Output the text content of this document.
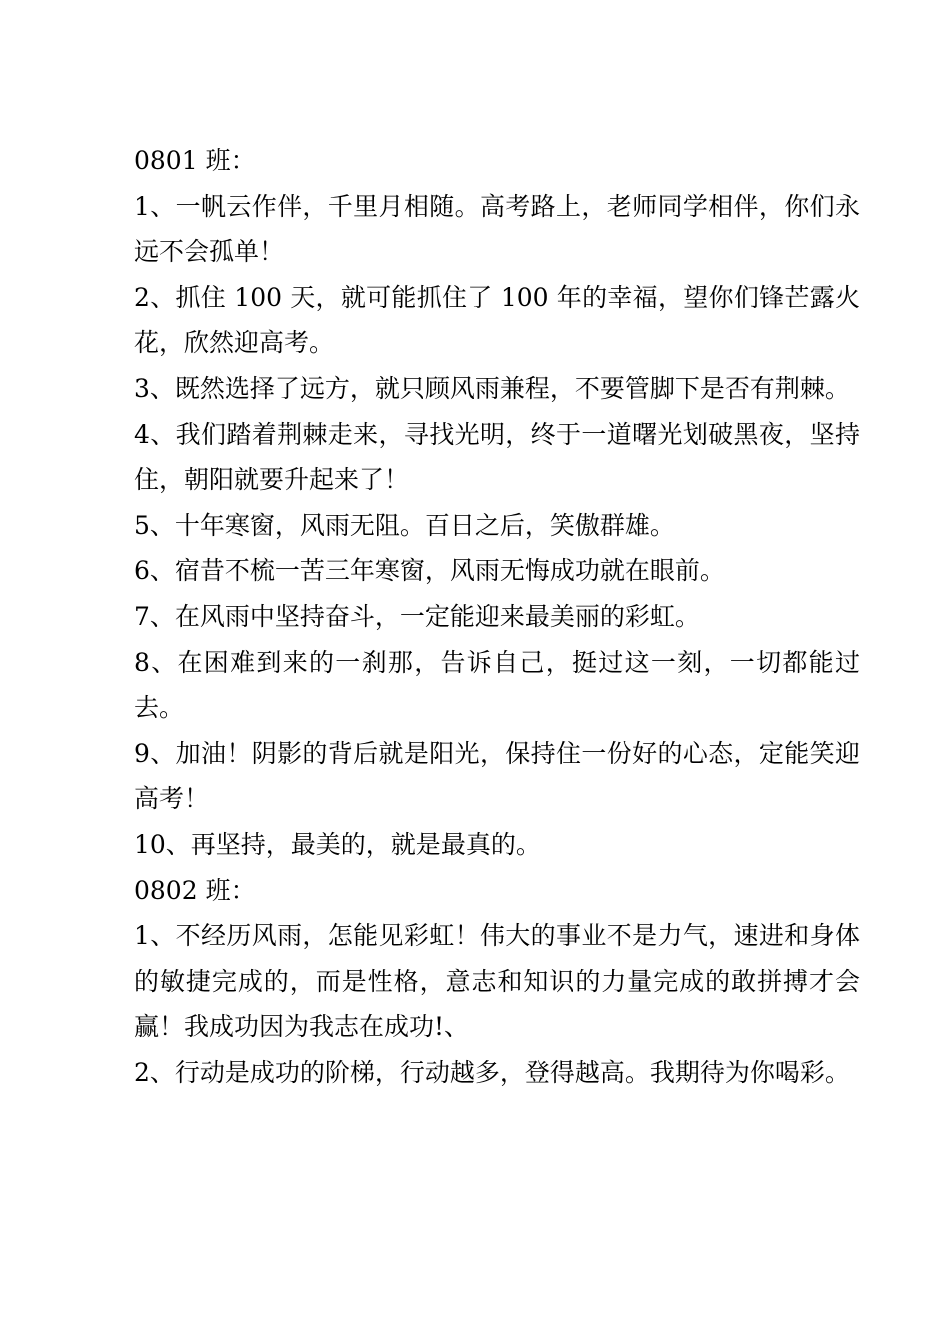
0801 班：

1、一帆云作伴，千里月相随。高考路上，老师同学相伴，你们永远不会孤单！

2、抓住 100 天，就可能抓住了 100 年的幸福，望你们锋芒露火花，欣然迎高考。

3、既然选择了远方，就只顾风雨兼程，不要管脚下是否有荆棘。

4、我们踏着荆棘走来，寻找光明，终于一道曙光划破黑夜，坚持住，朝阳就要升起来了！

5、十年寒窗，风雨无阻。百日之后，笑傲群雄。

6、宿昔不梳一苦三年寒窗，风雨无悔成功就在眼前。

7、在风雨中坚持奋斗，一定能迎来最美丽的彩虹。

8、在困难到来的一刹那，告诉自己，挺过这一刻，一切都能过去。

9、加油！阴影的背后就是阳光，保持住一份好的心态，定能笑迎高考！

10、再坚持，最美的，就是最真的。

0802 班：

1、不经历风雨，怎能见彩虹！伟大的事业不是力气，速进和身体的敏捷完成的，而是性格，意志和知识的力量完成的敢拼搏才会赢！我成功因为我志在成功!、

2、行动是成功的阶梯，行动越多，登得越高。我期待为你喝彩。
